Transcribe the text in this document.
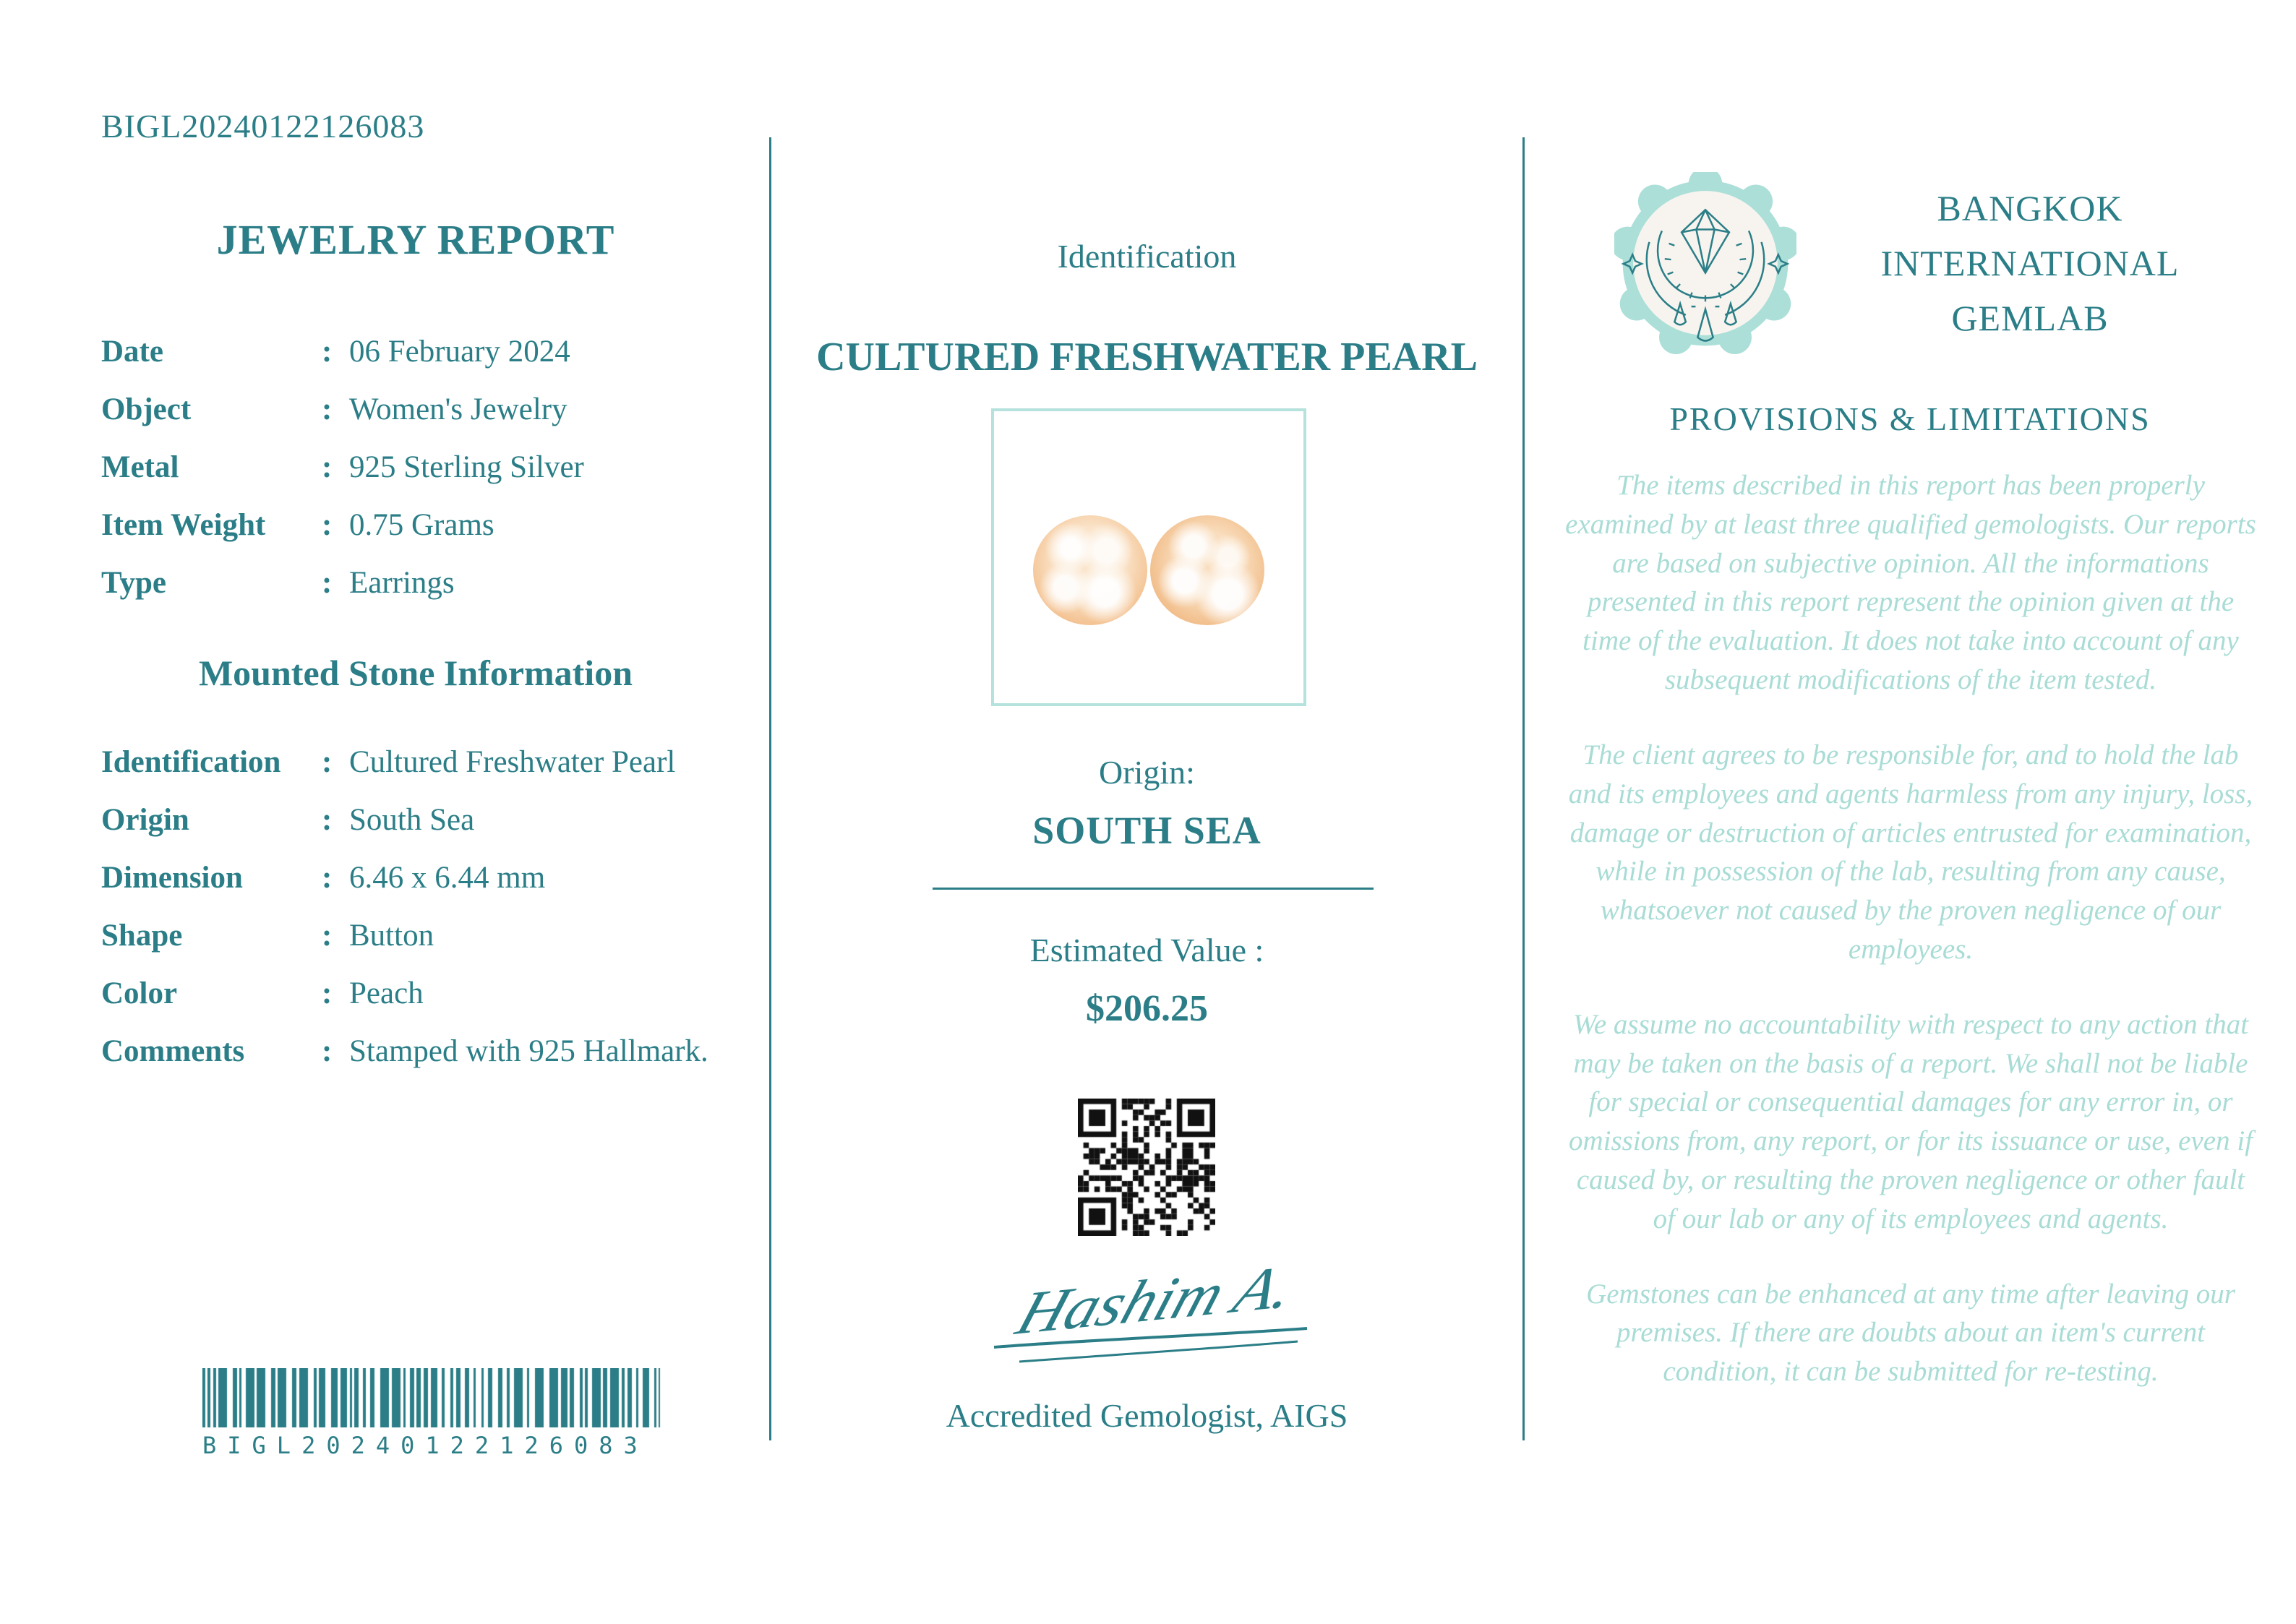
BIGL20240122126083
JEWELRY REPORT
Date :	06 February 2024
Object :	Women's Jewelry
Metal :	925 Sterling Silver
Item Weight :	0.75 Grams
Type :	Earrings
Mounted Stone Information
Identification :	Cultured Freshwater Pearl
Origin :	South Sea
Dimension :	6.46 x 6.44 mm
Shape :	Button
Color :	Peach
Comments :	Stamped with 925 Hallmark.
BIGL20240122126083
Identification
CULTURED FRESHWATER PEARL
Origin:
SOUTH SEA
Estimated Value :
$206.25
Hashim A.
Accredited Gemologist, AIGS
BANGKOK
INTERNATIONAL
GEMLAB
PROVISIONS & LIMITATIONS

The items described in this report has been properly examined by at least three qualified gemologists. Our reports are based on subjective opinion. All the informations presented in this report represent the opinion given at the time of the evaluation. It does not take into account of any subsequent modifications of the item tested.

The client agrees to be responsible for, and to hold the lab and its employees and agents harmless from any injury, loss, damage or destruction of articles entrusted for examination, while in possession of the lab, resulting from any cause, whatsoever not caused by the proven negligence of our employees.

We assume no accountability with respect to any action that may be taken on the basis of a report. We shall not be liable for special or consequential damages for any error in, or omissions from, any report, or for its issuance or use, even if caused by, or resulting the proven negligence or other fault of our lab or any of its employees and agents.

Gemstones can be enhanced at any time after leaving our premises. If there are doubts about an item's current condition, it can be submitted for re-testing.
